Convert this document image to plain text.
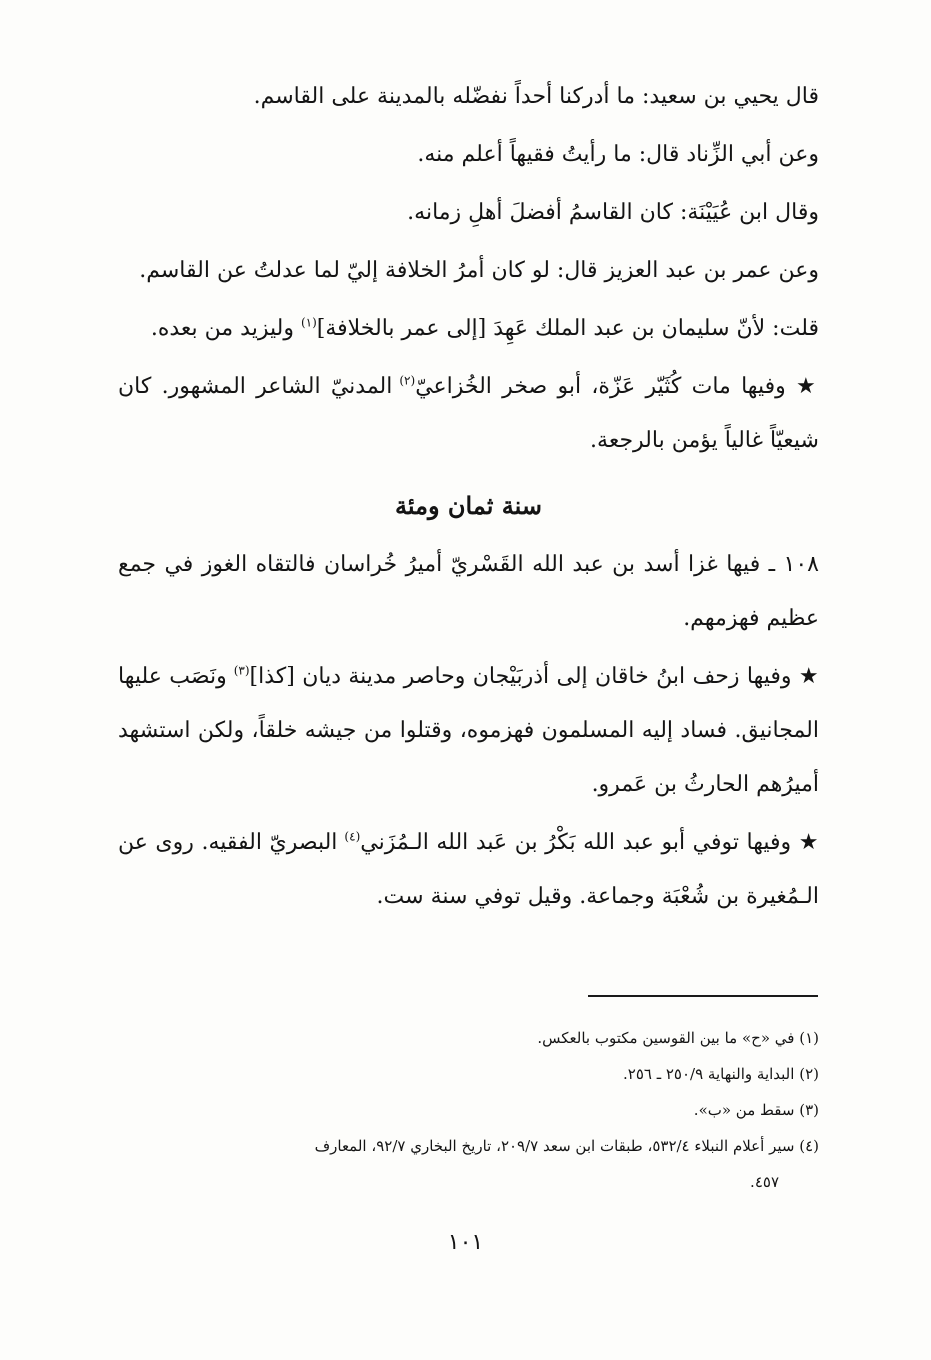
قال يحيي بن سعيد: ما أدركنا أحداً نفضّله بالمدينة على القاسم.

وعن أبي الزِّناد قال: ما رأيتُ فقيهاً أعلم منه.

وقال ابن عُيَيْنَة: كان القاسمُ أفضلَ أهلِ زمانه.

وعن عمر بن عبد العزيز قال: لو كان أمرُ الخلافة إليّ لما عدلتُ عن القاسم.

قلت: لأنّ سليمان بن عبد الملك عَهِدَ [إلى عمر بالخلافة]$^{(١)}$ وليزيد من بعده.

★ وفيها مات كُثَيّر عَزّة، أبو صخر الخُزاعيّ$^{(٢)}$ المدنيّ الشاعر المشهور. كان شيعيّاً غالياً يؤمن بالرجعة.

سنة ثمان ومئة

١٠٨ ـ فيها غزا أسد بن عبد الله القَسْريّ أميرُ خُراسان فالتقاه الغوز في جمع عظيم فهزمهم.

★ وفيها زحف ابنُ خاقان إلى أذربَيْجان وحاصر مدينة ديان [كذا]$^{(٣)}$ ونَصَب عليها المجانيق. فساد إليه المسلمون فهزموه، وقتلوا من جيشه خلقاً، ولكن استشهد أميرُهم الحارثُ بن عَمرو.

★ وفيها توفي أبو عبد الله بَكْرُ بن عَبد الله الـمُزَني$^{(٤)}$ البصريّ الفقيه. روى عن الـمُغيرة بن شُعْبَة وجماعة. وقيل توفي سنة ست.

(١) في «ح» ما بين القوسين مكتوب بالعكس.
(٢) البداية والنهاية ٢٥٠/٩ ـ ٢٥٦.
(٣) سقط من «ب».
(٤) سير أعلام النبلاء ٥٣٢/٤، طبقات ابن سعد ٢٠٩/٧، تاريخ البخاري ٩٢/٧، المعارف
٤٥٧.
١٠١
